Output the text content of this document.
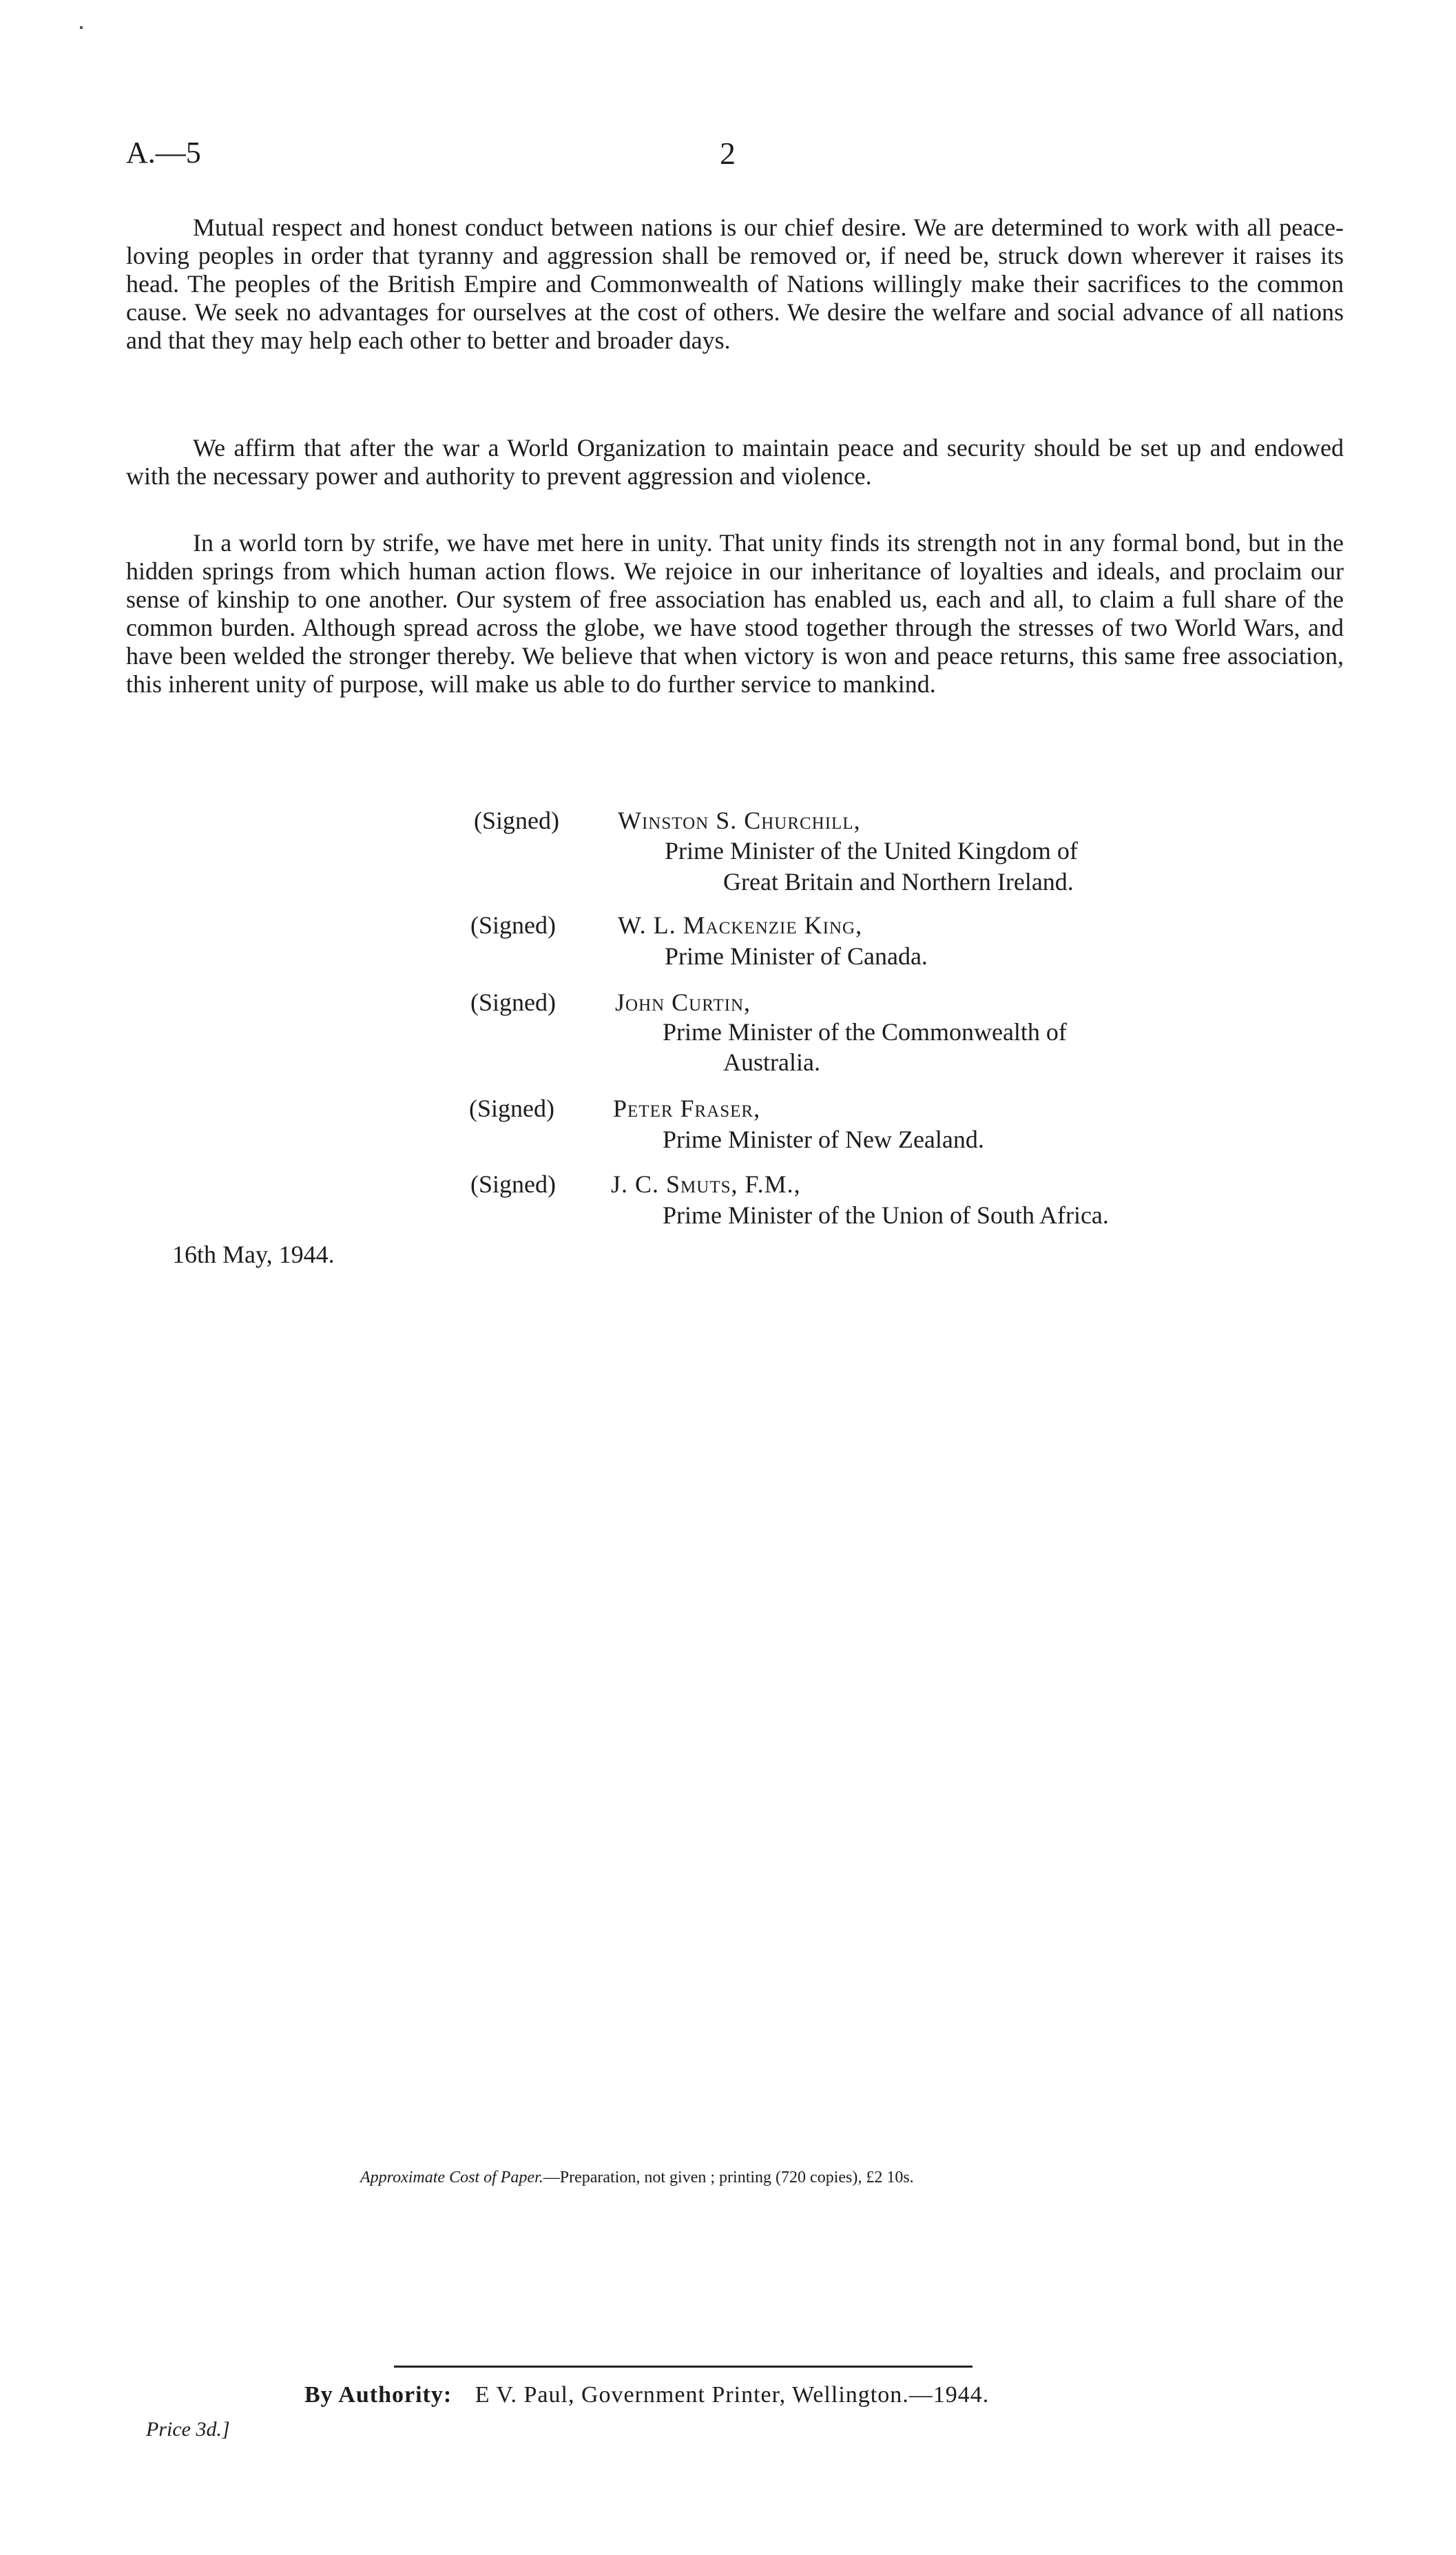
A.—5	2

Mutual respect and honest conduct between nations is our chief desire. We are determined to work with all peace-loving peoples in order that tyranny and aggression shall be removed or, if need be, struck down wherever it raises its head. The peoples of the British Empire and Commonwealth of Nations willingly make their sacrifices to the common cause. We seek no advantages for ourselves at the cost of others. We desire the welfare and social advance of all nations and that they may help each other to better and broader days.

We affirm that after the war a World Organization to maintain peace and security should be set up and endowed with the necessary power and authority to prevent aggression and violence.

In a world torn by strife, we have met here in unity. That unity finds its strength not in any formal bond, but in the hidden springs from which human action flows. We rejoice in our inheritance of loyalties and ideals, and proclaim our sense of kinship to one another. Our system of free association has enabled us, each and all, to claim a full share of the common burden. Although spread across the globe, we have stood together through the stresses of two World Wars, and have been welded the stronger thereby. We believe that when victory is won and peace returns, this same free association, this inherent unity of purpose, will make us able to do further service to mankind.

(Signed) Winston S. Churchill,
Prime Minister of the United Kingdom of
Great Britain and Northern Ireland.
(Signed)	W. L. Mackenzie King,
Prime Minister of Canada.
(Signed) John Curtin,
Prime Minister of the Commonwealth of
Australia.
(Signed) Peter Fraser,
Prime Minister of New Zealand.
(Signed) J. C. Smuts, F.M.,
Prime Minister of the Union of South Africa.
16th May, 1944.
Approximate Cost of Paper.—Preparation, not given ; printing (720 copies), £2 10s.
By Authority: E V. Paul, Government Printer, Wellington.—1944.
Price 3d.]
